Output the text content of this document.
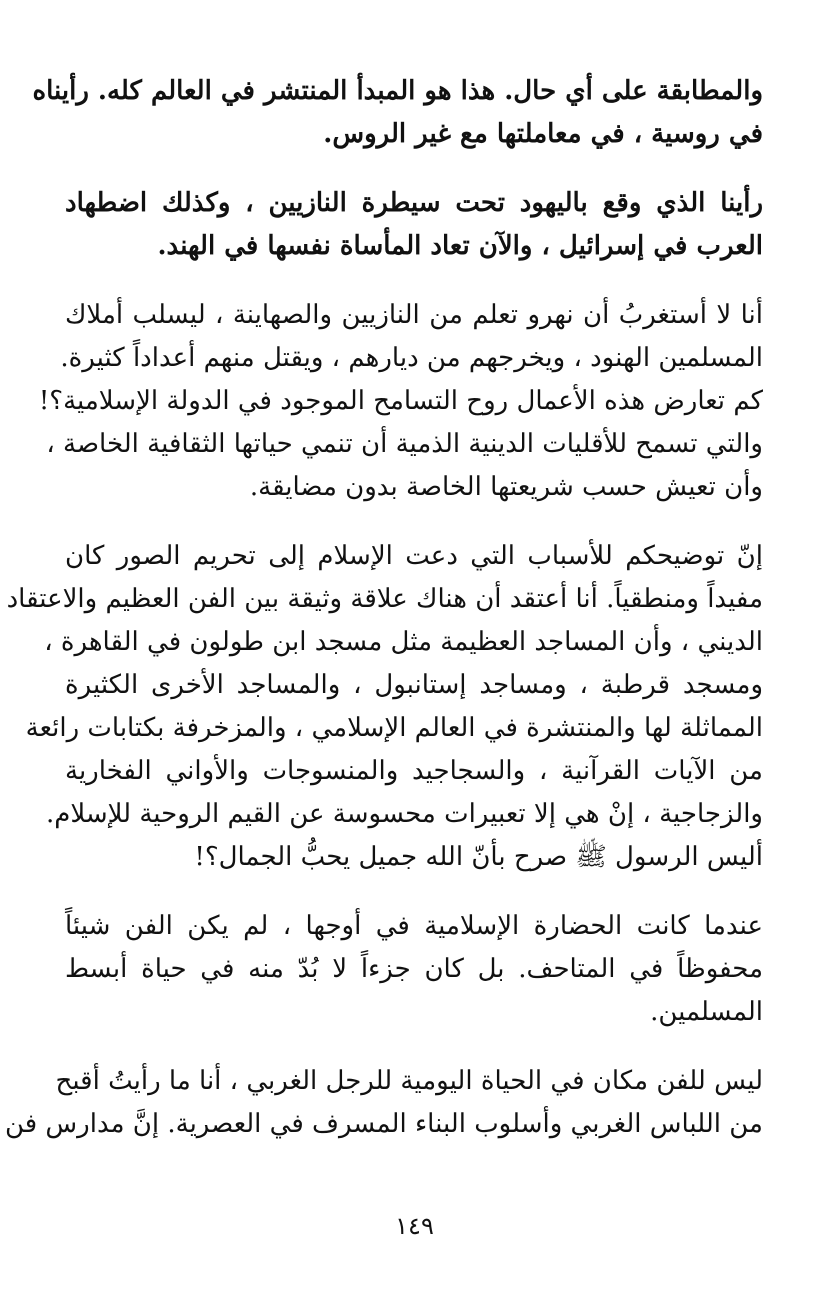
والمطابقة على أي حال. هذا هو المبدأ المنتشر في العالم كله. رأيناه
في روسية ، في معاملتها مع غير الروس.

رأينا الذي وقع باليهود تحت سيطرة النازيين ، وكذلك اضطهاد
العرب في إسرائيل ، والآن تعاد المأساة نفسها في الهند.

أنا لا أستغربُ أن نهرو تعلم من النازيين والصهاينة ، ليسلب أملاك
المسلمين الهنود ، ويخرجهم من ديارهم ، ويقتل منهم أعداداً كثيرة.
كم تعارض هذه الأعمال روح التسامح الموجود في الدولة الإسلامية؟!
والتي تسمح للأقليات الدينية الذمية أن تنمي حياتها الثقافية الخاصة ،
وأن تعيش حسب شريعتها الخاصة بدون مضايقة.

إنّ توضيحكم للأسباب التي دعت الإسلام إلى تحريم الصور كان
مفيداً ومنطقياً. أنا أعتقد أن هناك علاقة وثيقة بين الفن العظيم والاعتقاد
الديني ، وأن المساجد العظيمة مثل مسجد ابن طولون في القاهرة ،
ومسجد قرطبة ، ومساجد إستانبول ، والمساجد الأخرى الكثيرة
المماثلة لها والمنتشرة في العالم الإسلامي ، والمزخرفة بكتابات رائعة
من الآيات القرآنية ، والسجاجيد والمنسوجات والأواني الفخارية
والزجاجية ، إنْ هي إلا تعبيرات محسوسة عن القيم الروحية للإسلام.
أليس الرسول ﷺ صرح بأنّ الله جميل يحبُّ الجمال؟!

عندما كانت الحضارة الإسلامية في أوجها ، لم يكن الفن شيئاً
محفوظاً في المتاحف. بل كان جزءاً لا بُدّ منه في حياة أبسط
المسلمين.

ليس للفن مكان في الحياة اليومية للرجل الغربي ، أنا ما رأيتُ أقبح
من اللباس الغربي وأسلوب البناء المسرف في العصرية. إنَّ مدارس فن

١٤٩
